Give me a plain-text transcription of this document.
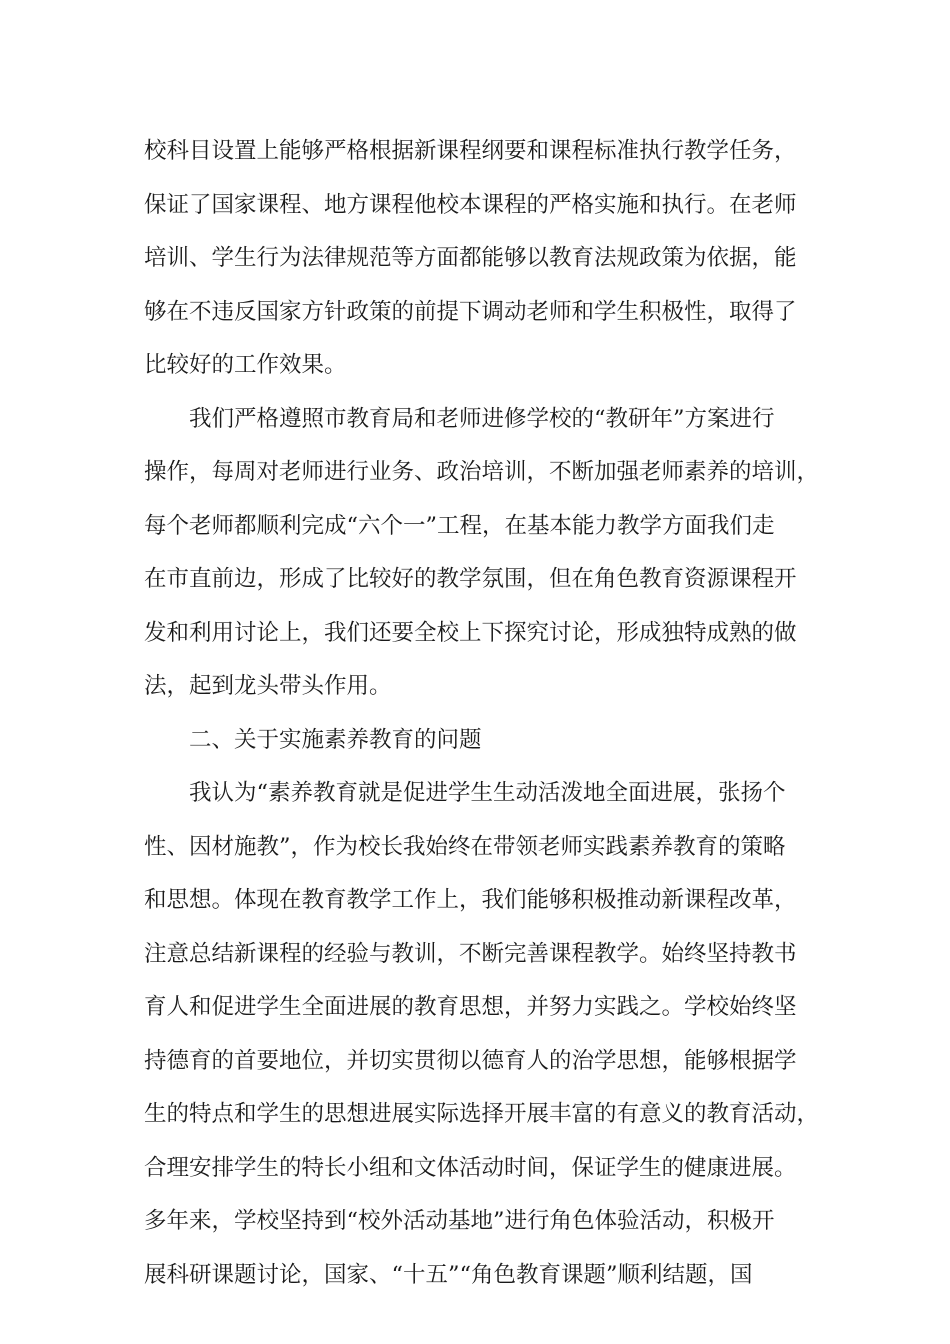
校科目设置上能够严格根据新课程纲要和课程标准执行教学任务，
保证了国家课程、地方课程他校本课程的严格实施和执行。在老师
培训、学生行为法律规范等方面都能够以教育法规政策为依据，能
够在不违反国家方针政策的前提下调动老师和学生积极性，取得了
比较好的工作效果。
我们严格遵照市教育局和老师进修学校的“教研年”方案进行
操作，每周对老师进行业务、政治培训，不断加强老师素养的培训，
每个老师都顺利完成“六个一”工程，在基本能力教学方面我们走
在市直前边，形成了比较好的教学氛围，但在角色教育资源课程开
发和利用讨论上，我们还要全校上下探究讨论，形成独特成熟的做
法，起到龙头带头作用。
二、关于实施素养教育的问题
我认为“素养教育就是促进学生生动活泼地全面进展，张扬个
性、因材施教”，作为校长我始终在带领老师实践素养教育的策略
和思想。体现在教育教学工作上，我们能够积极推动新课程改革，
注意总结新课程的经验与教训，不断完善课程教学。始终坚持教书
育人和促进学生全面进展的教育思想，并努力实践之。学校始终坚
持德育的首要地位，并切实贯彻以德育人的治学思想，能够根据学
生的特点和学生的思想进展实际选择开展丰富的有意义的教育活动，
合理安排学生的特长小组和文体活动时间，保证学生的健康进展。
多年来，学校坚持到“校外活动基地”进行角色体验活动，积极开
展科研课题讨论，国家、“十五”“角色教育课题”顺利结题，国
